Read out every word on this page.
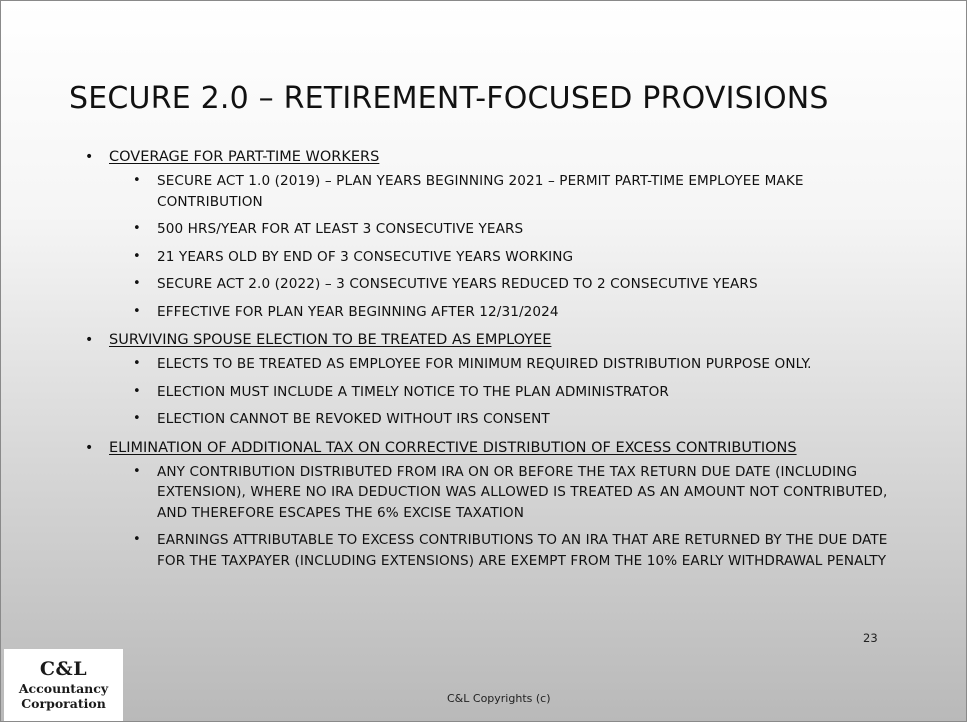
SECURE 2.0 – RETIREMENT-FOCUSED PROVISIONS
• COVERAGE FOR PART-TIME WORKERS
• SECURE ACT 1.0 (2019) – PLAN YEARS BEGINNING 2021 – PERMIT PART-TIME EMPLOYEE MAKE CONTRIBUTION
• 500 HRS/YEAR FOR AT LEAST 3 CONSECUTIVE YEARS
• 21 YEARS OLD BY END OF 3 CONSECUTIVE YEARS WORKING
• SECURE ACT 2.0 (2022) – 3 CONSECUTIVE YEARS REDUCED TO 2 CONSECUTIVE YEARS
• EFFECTIVE FOR PLAN YEAR BEGINNING AFTER 12/31/2024
• SURVIVING SPOUSE ELECTION TO BE TREATED AS EMPLOYEE
• ELECTS TO BE TREATED AS EMPLOYEE FOR MINIMUM REQUIRED DISTRIBUTION PURPOSE ONLY.
• ELECTION MUST INCLUDE A TIMELY NOTICE TO THE PLAN ADMINISTRATOR
• ELECTION CANNOT BE REVOKED WITHOUT IRS CONSENT
• ELIMINATION OF ADDITIONAL TAX ON CORRECTIVE DISTRIBUTION OF EXCESS CONTRIBUTIONS
• ANY CONTRIBUTION DISTRIBUTED FROM IRA ON OR BEFORE THE TAX RETURN DUE DATE (INCLUDING EXTENSION), WHERE NO IRA DEDUCTION WAS ALLOWED IS TREATED AS AN AMOUNT NOT CONTRIBUTED, AND THEREFORE ESCAPES THE 6% EXCISE TAXATION
• EARNINGS ATTRIBUTABLE TO EXCESS CONTRIBUTIONS TO AN IRA THAT ARE RETURNED BY THE DUE DATE FOR THE TAXPAYER (INCLUDING EXTENSIONS) ARE EXEMPT FROM THE 10% EARLY WITHDRAWAL PENALTY
23
C&L Copyrights (c)
C&L
Accountancy
Corporation
